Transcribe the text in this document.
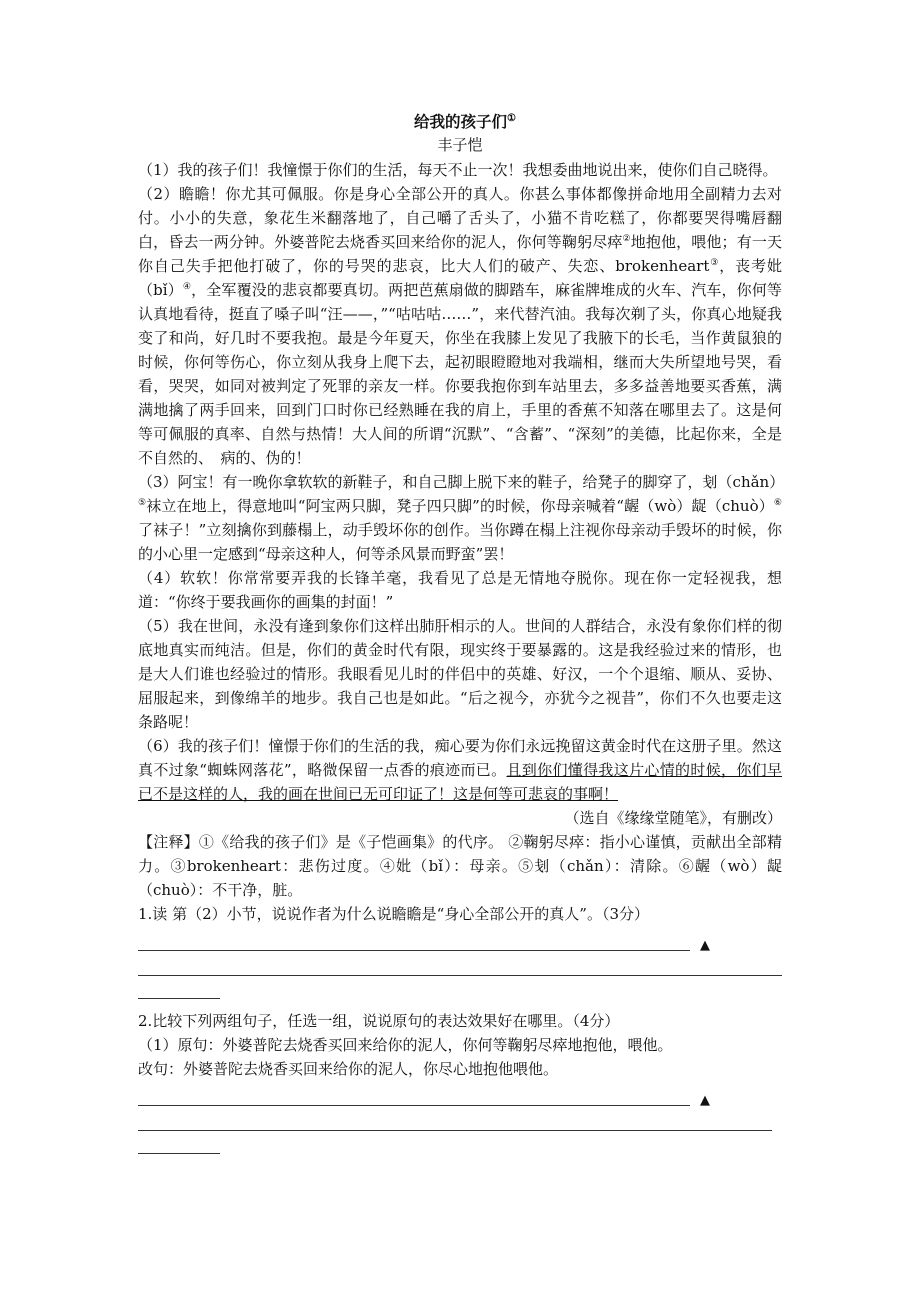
给我的孩子们①
丰子恺

（1）我的孩子们！我憧憬于你们的生活，每天不止一次！我想委曲地说出来，使你们自己晓得。

（2）瞻瞻！你尤其可佩服。你是身心全部公开的真人。你甚么事体都像拼命地用全副精力去对付。小小的失意，象花生米翻落地了，自己嚼了舌头了，小猫不肯吃糕了，你都要哭得嘴唇翻白，昏去一两分钟。外婆普陀去烧香买回来给你的泥人，你何等鞠躬尽瘁②地抱他，喂他；有一天你自己失手把他打破了，你的号哭的悲哀，比大人们的破产、失恋、brokenheart③，丧考妣（bǐ）④，全军覆没的悲哀都要真切。两把芭蕉扇做的脚踏车，麻雀牌堆成的火车、汽车，你何等认真地看待，挺直了嗓子叫“汪——，”“咕咕咕……”，来代替汽油。我每次剃了头，你真心地疑我变了和尚，好几时不要我抱。最是今年夏天，你坐在我膝上发见了我腋下的长毛，当作黄鼠狼的时候，你何等伤心，你立刻从我身上爬下去，起初眼瞪瞪地对我端相，继而大失所望地号哭，看看，哭哭，如同对被判定了死罪的亲友一样。你要我抱你到车站里去，多多益善地要买香蕉，满满地擒了两手回来，回到门口时你已经熟睡在我的肩上，手里的香蕉不知落在哪里去了。这是何等可佩服的真率、自然与热情！大人间的所谓“沉默”、“含蓄”、“深刻”的美德，比起你来，全是不自然的、　病的、伪的！

（3）阿宝！有一晚你拿软软的新鞋子，和自己脚上脱下来的鞋子，给凳子的脚穿了，刬（chǎn）⑤袜立在地上，得意地叫“阿宝两只脚，凳子四只脚”的时候，你母亲喊着“龌（wò）龊（chuò）⑥了袜子！”立刻擒你到藤榻上，动手毁坏你的创作。当你蹲在榻上注视你母亲动手毁坏的时候，你的小心里一定感到“母亲这种人，何等杀风景而野蛮”罢！

（4）软软！你常常要弄我的长锋羊毫，我看见了总是无情地夺脱你。现在你一定轻视我，想道：“你终于要我画你的画集的封面！”

（5）我在世间，永没有逢到象你们这样出肺肝相示的人。世间的人群结合，永没有象你们样的彻底地真实而纯洁。但是，你们的黄金时代有限，现实终于要暴露的。这是我经验过来的情形，也是大人们谁也经验过的情形。我眼看见儿时的伴侣中的英雄、好汉，一个个退缩、顺从、妥协、屈服起来，到像绵羊的地步。我自己也是如此。“后之视今，亦犹今之视昔”，你们不久也要走这条路呢！

（6）我的孩子们！憧憬于你们的生活的我，痴心要为你们永远挽留这黄金时代在这册子里。然这真不过象“蜘蛛网落花”，略微保留一点香的痕迹而已。且到你们懂得我这片心情的时候，你们早已不是这样的人，我的画在世间已无可印证了！这是何等可悲哀的事啊！

（选自《缘缘堂随笔》，有删改）

【注释】①《给我的孩子们》是《子恺画集》的代序。 ②鞠躬尽瘁：指小心谨慎，贡献出全部精力。③brokenheart：悲伤过度。④妣（bǐ）：母亲。⑤刬（chǎn）：清除。⑥龌（wò）龊（chuò）：不干净，脏。

1.读 第（2）小节，说说作者为什么说瞻瞻是“身心全部公开的真人”。（3分）

▲

2.比较下列两组句子，任选一组，说说原句的表达效果好在哪里。（4分）

（1）原句：外婆普陀去烧香买回来给你的泥人，你何等鞠躬尽瘁地抱他，喂他。

改句：外婆普陀去烧香买回来给你的泥人，你尽心地抱他喂他。

▲
